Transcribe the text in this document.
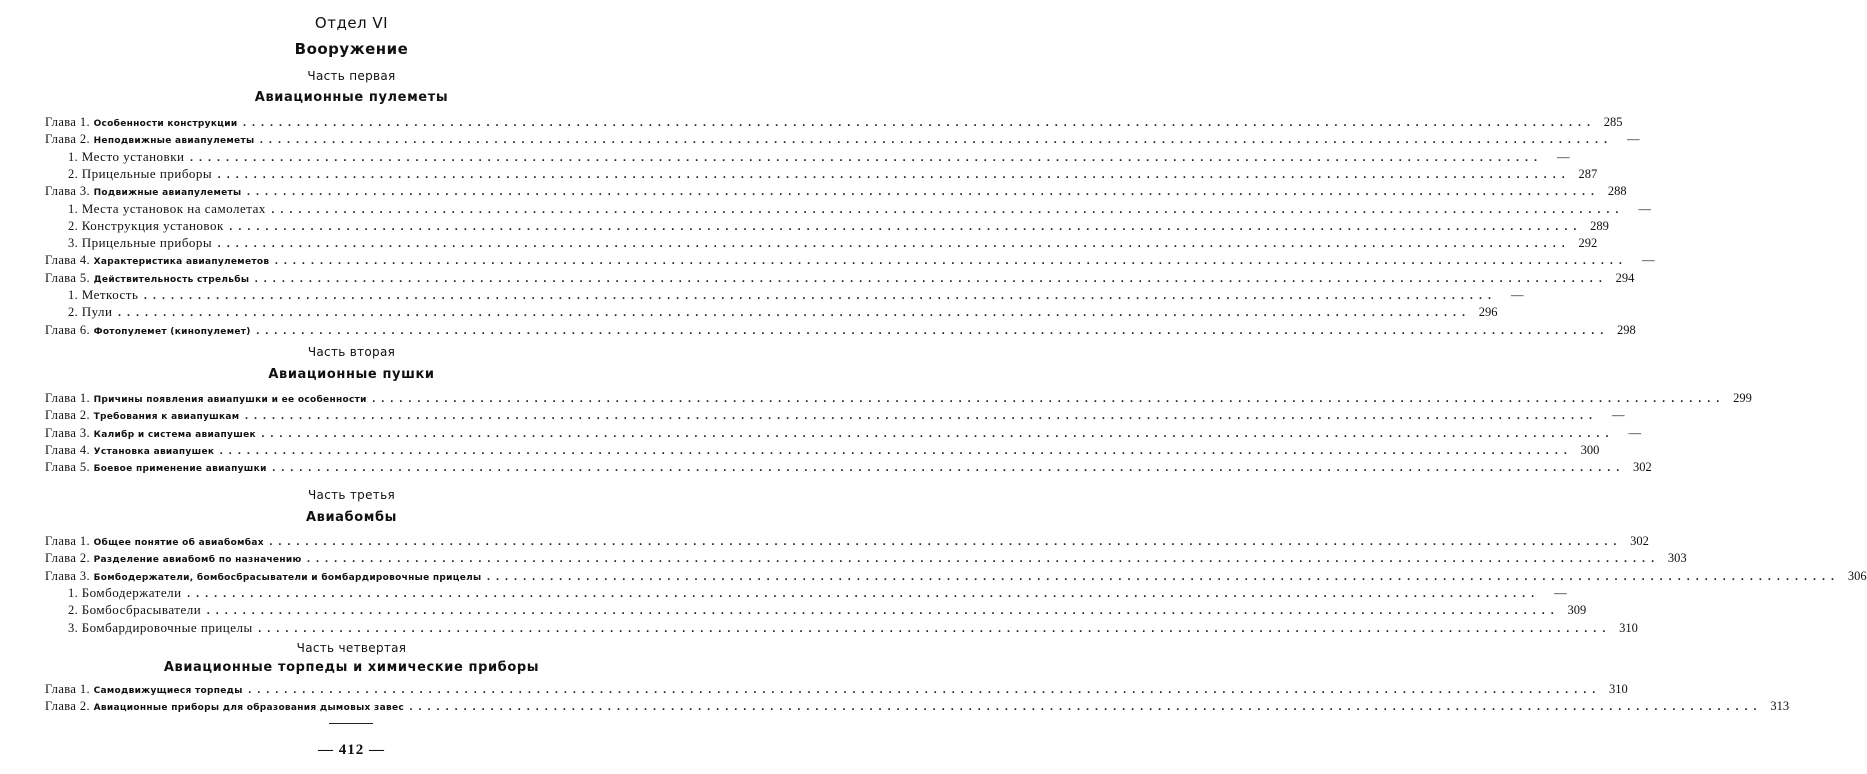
Отдел VI
Вооружение
Часть первая
Авиационные пулеметы
Часть вторая
Авиационные пушки
Часть третья
Авиабомбы
Часть четвертая
Авиационные торпеды и химические приборы
Глава 1. Особенности конструкции .....	285
Глава 2. Неподвижные авиапулеметы .....	—
1. Место установки .....	—
2. Прицельные приборы .....	287
Глава 3. Подвижные авиапулеметы .....	288
1. Места установок на самолетах .....	—
2. Конструкция установок .....	289
3. Прицельные приборы .....	292
Глава 4. Характеристика авиапулеметов .....	—
Глава 5. Действительность стрельбы .....	294
1. Меткость .....	—
2. Пули .....	296
Глава 6. Фотопулемет (кинопулемет) .....	298
Глава 1. Причины появления авиапушки и ее особенности .....	299
Глава 2. Требования к авиапушкам .....	—
Глава 3. Калибр и система авиапушек .....	—
Глава 4. Установка авиапушек .....	300
Глава 5. Боевое применение авиапушки .....	302
Глава 1. Общее понятие об авиабомбах .....	302
Глава 2. Разделение авиабомб по назначению .....	303
Глава 3. Бомбодержатели, бомбосбрасыватели и бомбардировочные прицелы .....	306
1. Бомбодержатели .....	—
2. Бомбосбрасыватели .....	309
3. Бомбардировочные прицелы .....	310
Глава 1. Самодвижущиеся торпеды .....	310
Глава 2. Авиационные приборы для образования дымовых завес .....	313
— 412 —
